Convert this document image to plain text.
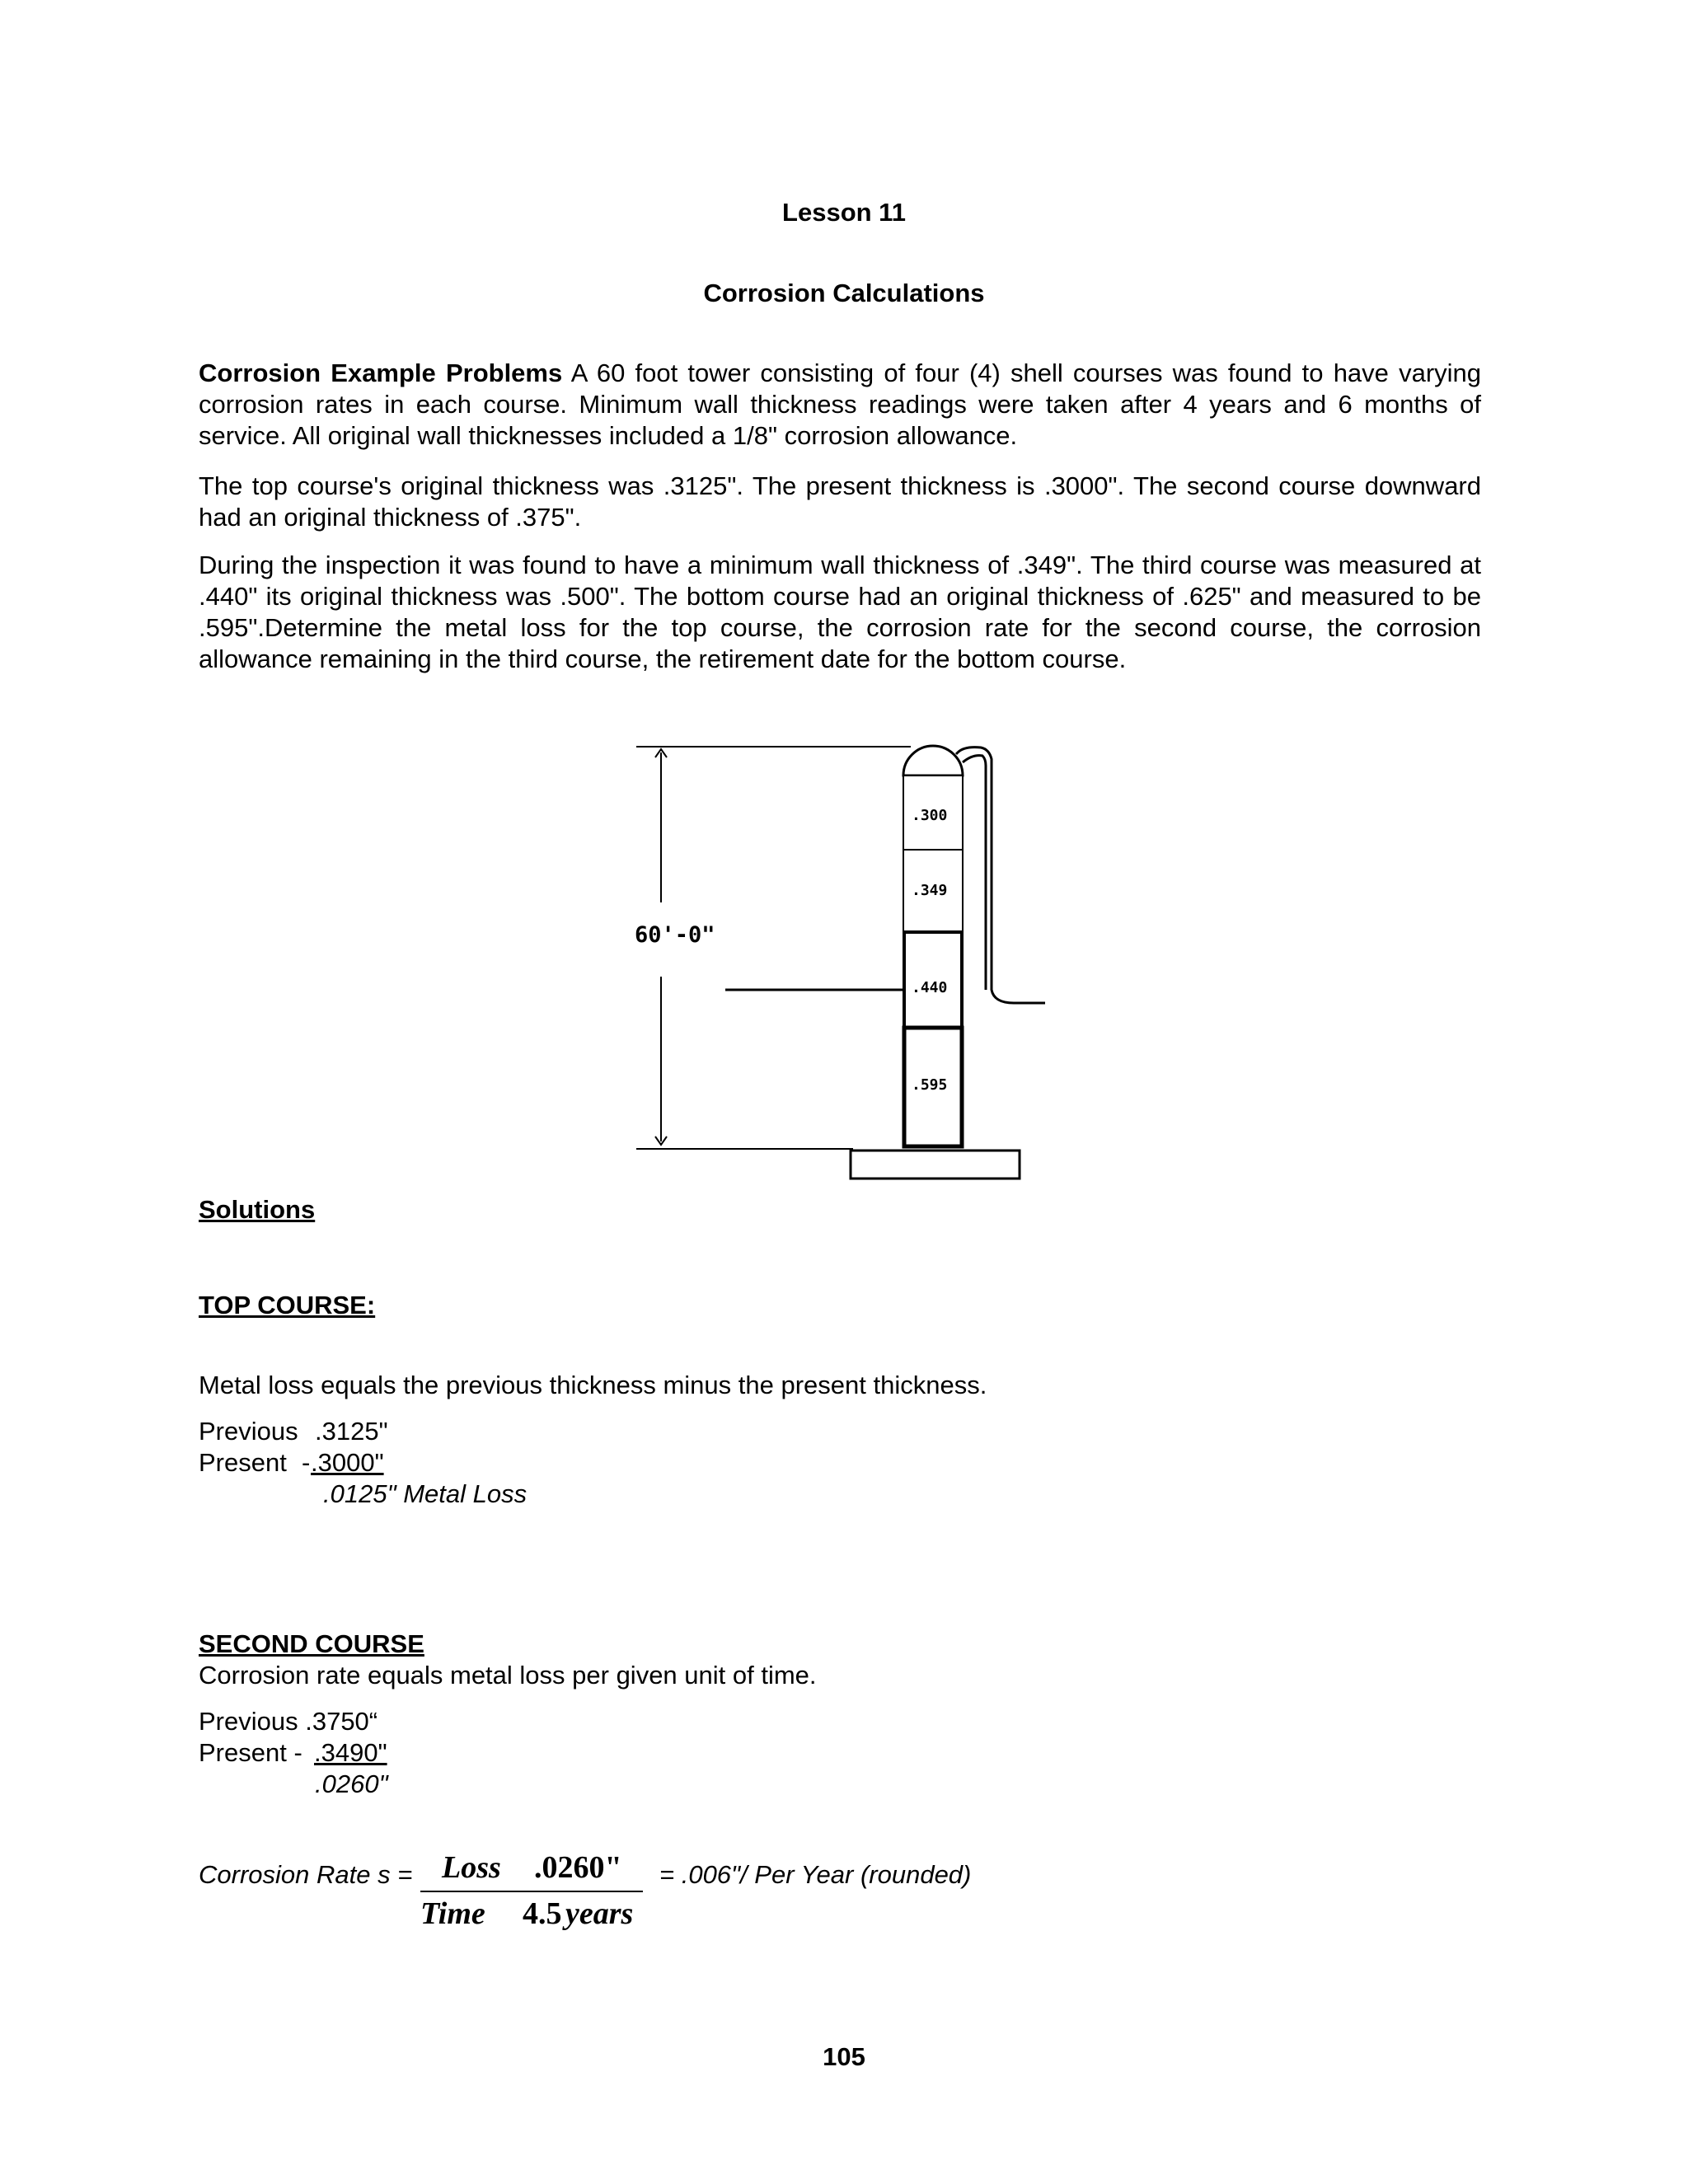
Lesson 11
Corrosion Calculations
Corrosion Example Problems A 60 foot tower consisting of four (4) shell courses was found to have varying corrosion rates in each course. Minimum wall thickness readings were taken after 4 years and 6 months of service. All original wall thicknesses included a 1/8" corrosion allowance.
The top course's original thickness was .3125". The present thickness is .3000". The second course downward had an original thickness of .375".
During the inspection it was found to have a minimum wall thickness of .349". The third course was measured at .440" its original thickness was .500". The bottom course had an original thickness of .625" and measured to be .595".Determine the metal loss for the top course, the corrosion rate for the second course, the corrosion allowance remaining in the third course, the retirement date for the bottom course.
60'-0"
.300
.349
.440
.595
Solutions
TOP COURSE:
Metal loss equals the previous thickness minus the present thickness.
Previous .3125"
Present - .3000"
.0125" Metal Loss
SECOND COURSE
Corrosion rate equals metal loss per given unit of time.
Previous .3750“
Present - .3490"
.0260"
Corrosion Rate s = Loss .0260"
Time 4.5 years
= .006"/ Per Year (rounded)
105
